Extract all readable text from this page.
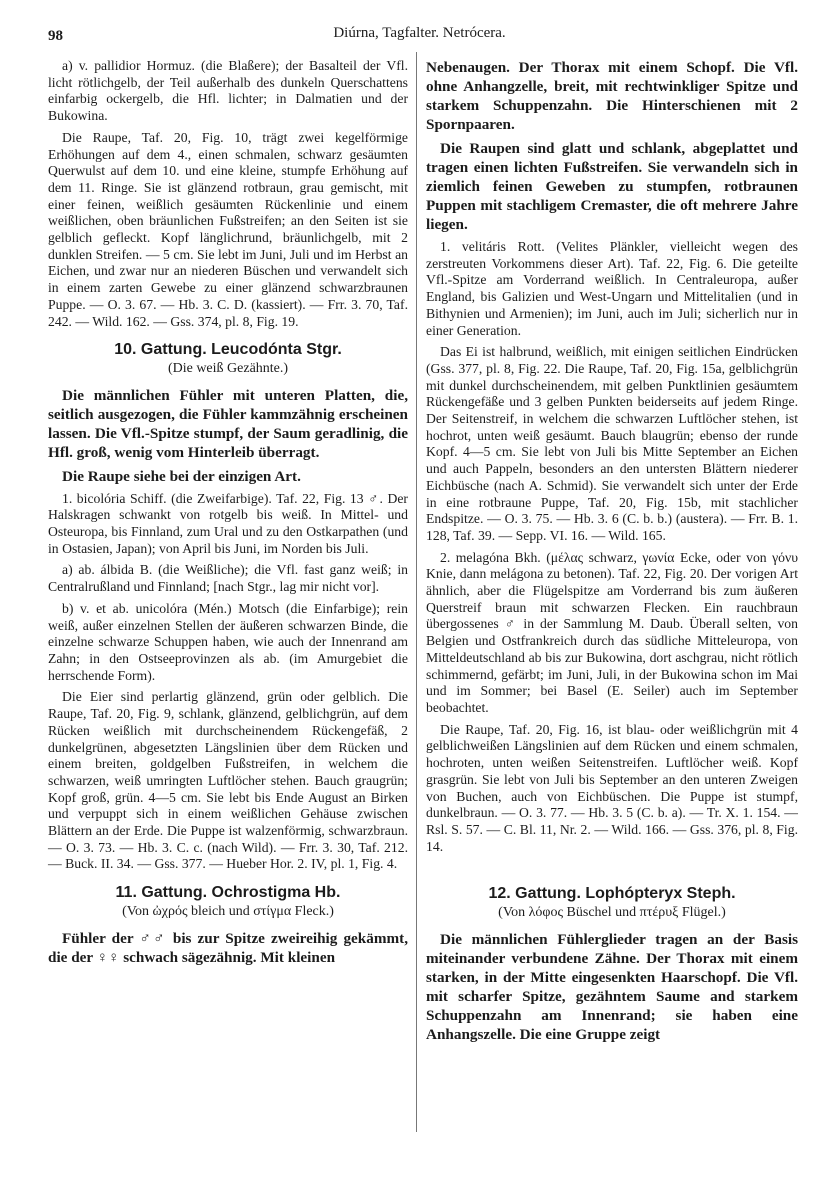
98	Diúrna, Tagfalter. Netrócera.

a) v. pallidior Hormuz. (die Blaßere); der Basalteil der Vfl. licht rötlichgelb, der Teil außerhalb des dunkeln Querschattens einfarbig ockergelb, die Hfl. lichter; in Dalmatien und der Bukowina.

Die Raupe, Taf. 20, Fig. 10, trägt zwei kegelförmige Erhöhungen auf dem 4., einen schmalen, schwarz gesäumten Querwulst auf dem 10. und eine kleine, stumpfe Erhöhung auf dem 11. Ringe. Sie ist glänzend rotbraun, grau gemischt, mit einer feinen, weißlich gesäumten Rückenlinie und einem weißlichen, oben bräunlichen Fußstreifen; an den Seiten ist sie gelblich gefleckt. Kopf länglichrund, bräunlichgelb, mit 2 dunklen Streifen. — 5 cm. Sie lebt im Juni, Juli und im Herbst an Eichen, und zwar nur an niederen Büschen und verwandelt sich in einem zarten Gewebe zu einer glänzend schwarzbraunen Puppe. — O. 3. 67. — Hb. 3. C. D. (kassiert). — Frr. 3. 70, Taf. 242. — Wild. 162. — Gss. 374, pl. 8, Fig. 19.

10. Gattung. Leucodónta Stgr.
(Die weiß Gezähnte.)

Die männlichen Fühler mit unteren Platten, die, seitlich ausgezogen, die Fühler kammzähnig erscheinen lassen. Die Vfl.-Spitze stumpf, der Saum geradlinig, die Hfl. groß, wenig vom Hinterleib überragt.

Die Raupe siehe bei der einzigen Art.

1. bicolória Schiff. (die Zweifarbige). Taf. 22, Fig. 13 ♂. Der Halskragen schwankt von rotgelb bis weiß. In Mittel- und Osteuropa, bis Finnland, zum Ural und zu den Ostkarpathen (und in Ostasien, Japan); von April bis Juni, im Norden bis Juli.

a) ab. álbida B. (die Weißliche); die Vfl. fast ganz weiß; in Centralrußland und Finnland; [nach Stgr., lag mir nicht vor].

b) v. et ab. unicolóra (Mén.) Motsch (die Einfarbige); rein weiß, außer einzelnen Stellen der äußeren schwarzen Binde, die einzelne schwarze Schuppen haben, wie auch der Innenrand am Zahn; in den Ostseeprovinzen als ab. (im Amurgebiet die herrschende Form).

Die Eier sind perlartig glänzend, grün oder gelblich. Die Raupe, Taf. 20, Fig. 9, schlank, glänzend, gelblichgrün, auf dem Rücken weißlich mit durchscheinendem Rückengefäß, 2 dunkelgrünen, abgesetzten Längslinien über dem Rücken und einem breiten, goldgelben Fußstreifen, in welchem die schwarzen, weiß umringten Luftlöcher stehen. Bauch graugrün; Kopf groß, grün. 4—5 cm. Sie lebt bis Ende August an Birken und verpuppt sich in einem weißlichen Gehäuse zwischen Blättern an der Erde. Die Puppe ist walzenförmig, schwarzbraun. — O. 3. 73. — Hb. 3. C. c. (nach Wild). — Frr. 3. 30, Taf. 212. — Buck. II. 34. — Gss. 377. — Hueber Hor. 2. IV, pl. 1, Fig. 4.

11. Gattung. Ochrostigma Hb.
(Von ὠχρός bleich und στίγμα Fleck.)

Fühler der ♂♂ bis zur Spitze zweireihig gekämmt, die der ♀♀ schwach sägezähnig. Mit kleinen

Nebenaugen. Der Thorax mit einem Schopf. Die Vfl. ohne Anhangzelle, breit, mit rechtwinkliger Spitze und starkem Schuppenzahn. Die Hinterschienen mit 2 Spornpaaren.

Die Raupen sind glatt und schlank, abgeplattet und tragen einen lichten Fußstreifen. Sie verwandeln sich in ziemlich feinen Geweben zu stumpfen, rotbraunen Puppen mit stachligem Cremaster, die oft mehrere Jahre liegen.

1. velitáris Rott. (Velites Plänkler, vielleicht wegen des zerstreuten Vorkommens dieser Art). Taf. 22, Fig. 6. Die geteilte Vfl.-Spitze am Vorderrand weißlich. In Centraleuropa, außer England, bis Galizien und West-Ungarn und Mittelitalien (und in Bithynien und Armenien); im Juni, auch im Juli; sicherlich nur in einer Generation.

Das Ei ist halbrund, weißlich, mit einigen seitlichen Eindrücken (Gss. 377, pl. 8, Fig. 22. Die Raupe, Taf. 20, Fig. 15a, gelblichgrün mit dunkel durchscheinendem, mit gelben Punktlinien gesäumtem Rückengefäße und 3 gelben Punkten beiderseits auf jedem Ringe. Der Seitenstreif, in welchem die schwarzen Luftlöcher stehen, ist hochrot, unten weiß gesäumt. Bauch blaugrün; ebenso der runde Kopf. 4—5 cm. Sie lebt von Juli bis Mitte September an Eichen und auch Pappeln, besonders an den untersten Blättern niederer Eichbüsche (nach A. Schmid). Sie verwandelt sich unter der Erde in eine rotbraune Puppe, Taf. 20, Fig. 15b, mit stachlicher Endspitze. — O. 3. 75. — Hb. 3. 6 (C. b. b.) (austera). — Frr. B. 1. 128, Taf. 39. — Sepp. VI. 16. — Wild. 165.

2. melagóna Bkh. (μέλας schwarz, γωνία Ecke, oder von γόνυ Knie, dann melágona zu betonen). Taf. 22, Fig. 20. Der vorigen Art ähnlich, aber die Flügelspitze am Vorderrand bis zum äußeren Querstreif braun mit schwarzen Flecken. Ein rauchbraun übergossenes ♂ in der Sammlung M. Daub. Überall selten, von Belgien und Ostfrankreich durch das südliche Mitteleuropa, von Mitteldeutschland ab bis zur Bukowina, dort aschgrau, nicht rötlich schimmernd, gefärbt; im Juni, Juli, in der Bukowina schon im Mai und im Sommer; bei Basel (E. Seiler) auch im September beobachtet.

Die Raupe, Taf. 20, Fig. 16, ist blau- oder weißlichgrün mit 4 gelblichweißen Längslinien auf dem Rücken und einem schmalen, hochroten, unten weißen Seitenstreifen. Luftlöcher weiß. Kopf grasgrün. Sie lebt von Juli bis September an den unteren Zweigen von Buchen, auch von Eichbüschen. Die Puppe ist stumpf, dunkelbraun. — O. 3. 77. — Hb. 3. 5 (C. b. a). — Tr. X. 1. 154. — Rsl. S. 57. — C. Bl. 11, Nr. 2. — Wild. 166. — Gss. 376, pl. 8, Fig. 14.

12. Gattung. Lophópteryx Steph.
(Von λόφος Büschel und πτέρυξ Flügel.)

Die männlichen Fühlerglieder tragen an der Basis miteinander verbundene Zähne. Der Thorax mit einem starken, in der Mitte eingesenkten Haarschopf. Die Vfl. mit scharfer Spitze, gezähntem Saume and starkem Schuppenzahn am Innenrand; sie haben eine Anhangszelle. Die eine Gruppe zeigt
